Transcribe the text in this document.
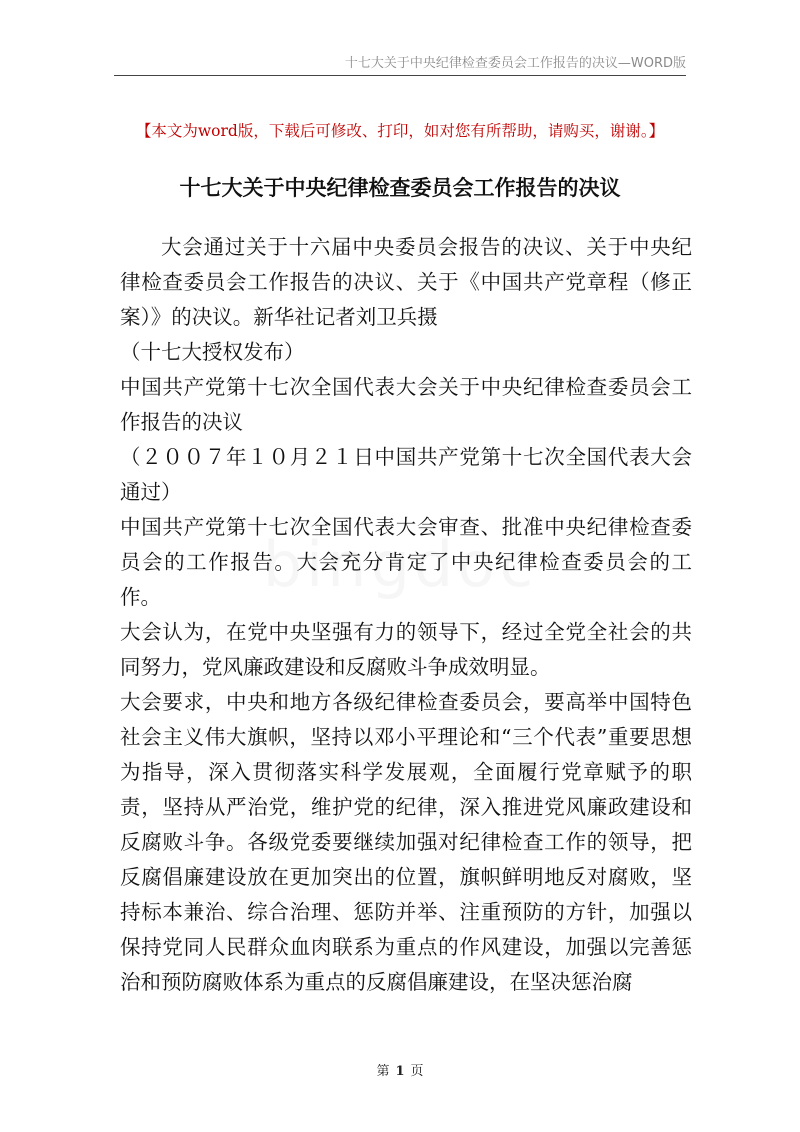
十七大关于中央纪律检查委员会工作报告的决议—WORD版
【本文为word版，下载后可修改、打印，如对您有所帮助，请购买，谢谢。】
十七大关于中央纪律检查委员会工作报告的决议

大会通过关于十六届中央委员会报告的决议、关于中央纪律检查委员会工作报告的决议、关于《中国共产党章程（修正案）》的决议。新华社记者刘卫兵摄

（十七大授权发布）

中国共产党第十七次全国代表大会关于中央纪律检查委员会工作报告的决议

（２００７年１０月２１日中国共产党第十七次全国代表大会通过）

中国共产党第十七次全国代表大会审查、批准中央纪律检查委员会的工作报告。大会充分肯定了中央纪律检查委员会的工作。

大会认为，在党中央坚强有力的领导下，经过全党全社会的共同努力，党风廉政建设和反腐败斗争成效明显。

大会要求，中央和地方各级纪律检查委员会，要高举中国特色社会主义伟大旗帜，坚持以邓小平理论和“三个代表”重要思想为指导，深入贯彻落实科学发展观，全面履行党章赋予的职责，坚持从严治党，维护党的纪律，深入推进党风廉政建设和反腐败斗争。各级党委要继续加强对纪律检查工作的领导，把反腐倡廉建设放在更加突出的位置，旗帜鲜明地反对腐败，坚持标本兼治、综合治理、惩防并举、注重预防的方针，加强以保持党同人民群众血肉联系为重点的作风建设，加强以完善惩治和预防腐败体系为重点的反腐倡廉建设，在坚决惩治腐

第 1 页
